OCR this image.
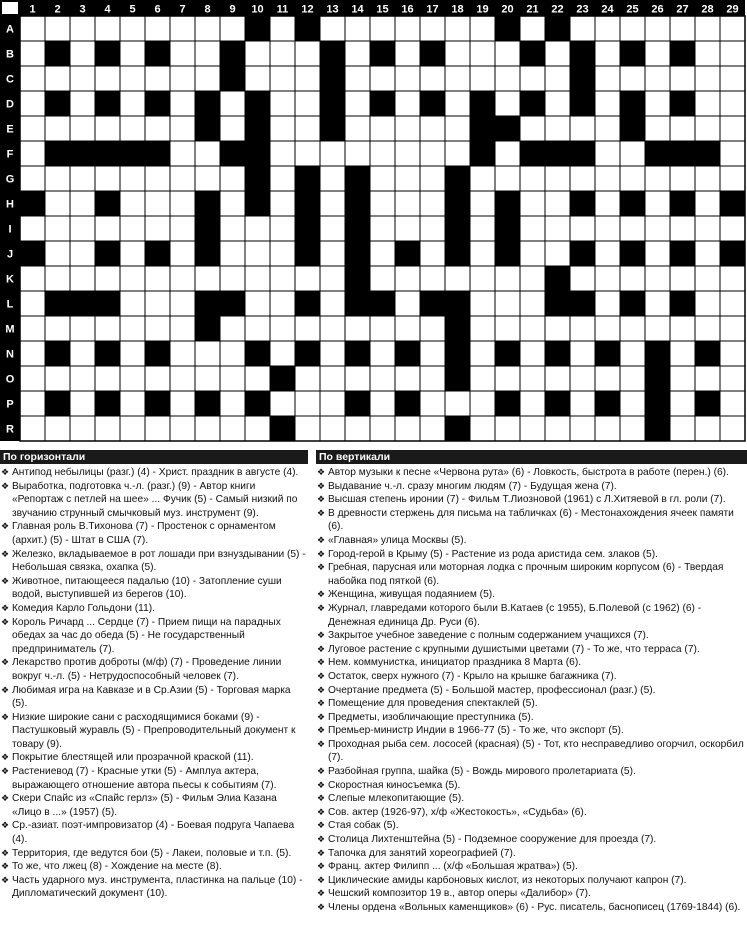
1 2 3 4 5 6 7 8 9 10 11 12 13 14 15 16 17 18 19 20 21 22 23 24 25 26 27 28 29
A
B
C
D
E
F
G
H
I
J
K
L
M
N
O
P
R
По горизонтали

❖ Антипод небылицы (разг.) (4) - Христ. праздник в августе (4).

❖ Выработка, подготовка ч.-л. (разг.) (9) - Автор книги «Репортаж с петлей на шее» ... Фучик (5) - Самый низкий по звучанию струнный смычковый муз. инструмент (9).

❖ Главная роль В.Тихонова (7) - Простенок с орнаментом (архит.) (5) - Штат в США (7).

❖ Железко, вкладываемое в рот лошади при взнуздывании (5) - Небольшая связка, охапка (5).

❖ Животное, питающееся падалью (10) - Затопление суши водой, выступившей из берегов (10).

❖ Комедия Карло Гольдони (11).

❖ Король Ричард ... Сердце (7) - Прием пищи на парадных обедах за час до обеда (5) - Не государственный предприниматель (7).

❖ Лекарство против доброты (м/ф) (7) - Проведение линии вокруг ч.-л. (5) - Нетрудоспособный человек (7).

❖ Любимая игра на Кавказе и в Ср.Азии (5) - Торговая марка (5).

❖ Низкие широкие сани с расходящимися боками (9) - Пастушковый журавль (5) - Препроводительный документ к товару (9).

❖ Покрытие блестящей или прозрачной краской (11).

❖ Растениевод (7) - Красные утки (5) - Амплуа актера, выражающего отношение автора пьесы к событиям (7).

❖ Скери Спайс из «Спайс герлз» (5) - Фильм Элиа Казана «Лицо в ...» (1957) (5).

❖ Ср.-азиат. поэт-импровизатор (4) - Боевая подруга Чапаева (4).

❖ Территория, где ведутся бои (5) - Лакеи, половые и т.п. (5).

❖ То же, что лжец (8) - Хождение на месте (8).

❖ Часть ударного муз. инструмента, пластинка на пальце (10) - Дипломатический документ (10).

По вертикали

❖ Автор музыки к песне «Червона рута» (6) - Ловкость, быстрота в работе (перен.) (6).

❖ Выдавание ч.-л. сразу многим людям (7) - Будущая жена (7).

❖ Высшая степень иронии (7) - Фильм Т.Лиозновой (1961) с Л.Хитяевой в гл. роли (7).

❖ В древности стержень для письма на табличках (6) - Местонахождения ячеек памяти (6).

❖ «Главная» улица Москвы (5).

❖ Город-герой в Крыму (5) - Растение из рода аристида сем. злаков (5).

❖ Гребная, парусная или моторная лодка с прочным широким корпусом (6) - Твердая набойка под пяткой (6).

❖ Женщина, живущая подаянием (5).

❖ Журнал, главредами которого были В.Катаев (с 1955), Б.Полевой (с 1962) (6) - Денежная единица Др. Руси (6).

❖ Закрытое учебное заведение с полным содержанием учащихся (7).

❖ Луговое растение с крупными душистыми цветами (7) - То же, что терраса (7).

❖ Нем. коммунистка, инициатор праздника 8 Марта (6).

❖ Остаток, сверх нужного (7) - Крыло на крышке багажника (7).

❖ Очертание предмета (5) - Большой мастер, профессионал (разг.) (5).

❖ Помещение для проведения спектаклей (5).

❖ Предметы, изобличающие преступника (5).

❖ Премьер-министр Индии в 1966-77 (5) - То же, что экспорт (5).

❖ Проходная рыба сем. лососей (красная) (5) - Тот, кто несправедливо огорчил, оскорбил (7).

❖ Разбойная группа, шайка (5) - Вождь мирового пролетариата (5).

❖ Скоростная киносъемка (5).

❖ Слепые млекопитающие (5).

❖ Сов. актер (1926-97), х/ф «Жестокость», «Судьба» (6).

❖ Стая собак (5).

❖ Столица Лихтенштейна (5) - Подземное сооружение для проезда (7).

❖ Тапочка для занятий хореографией (7).

❖ Франц. актер Филипп ... (х/ф «Большая жратва») (5).

❖ Циклические амиды карбоновых кислот, из некоторых получают капрон (7).

❖ Чешский композитор 19 в., автор оперы «Далибор» (7).

❖ Члены ордена «Вольных каменщиков» (6) - Рус. писатель, баснописец (1769-1844) (6).
